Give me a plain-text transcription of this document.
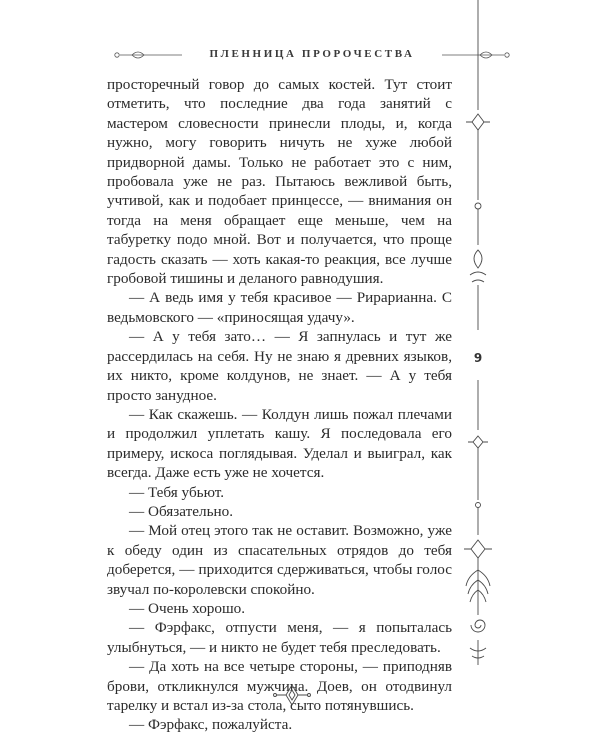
ПЛЕННИЦА ПРОРОЧЕСТВА

просторечный говор до самых костей. Тут стоит отметить, что последние два года занятий с мастером словесности принесли плоды, и, когда нужно, могу говорить ничуть не хуже любой придворной дамы. Только не работает это с ним, пробовала уже не раз. Пытаюсь вежливой быть, учтивой, как и подобает принцессе, — внимания он тогда на меня обращает еще меньше, чем на табуретку подо мной. Вот и получается, что проще гадость сказать — хоть какая-то реакция, все лучше гробовой тишины и деланого равнодушия.

— А ведь имя у тебя красивое — Рирарианна. С ведьмовского — «приносящая удачу».

— А у тебя зато… — Я запнулась и тут же рассердилась на себя. Ну не знаю я древних языков, их никто, кроме колдунов, не знает. — А у тебя просто занудное.

— Как скажешь. — Колдун лишь пожал плечами и продолжил уплетать кашу. Я последовала его примеру, искоса поглядывая. Уделал и выиграл, как всегда. Даже есть уже не хочется.

— Тебя убьют.

— Обязательно.

— Мой отец этого так не оставит. Возможно, уже к обеду один из спасательных отрядов до тебя доберется, — приходится сдерживаться, чтобы голос звучал по-королевски спокойно.

— Очень хорошо.

— Фэрфакс, отпусти меня, — я попыталась улыбнуться, — и никто не будет тебя преследовать.

— Да хоть на все четыре стороны, — приподняв брови, откликнулся мужчина. Доев, он отодвинул тарелку и встал из-за стола, сыто потянувшись.

— Фэрфакс, пожалуйста.

9
